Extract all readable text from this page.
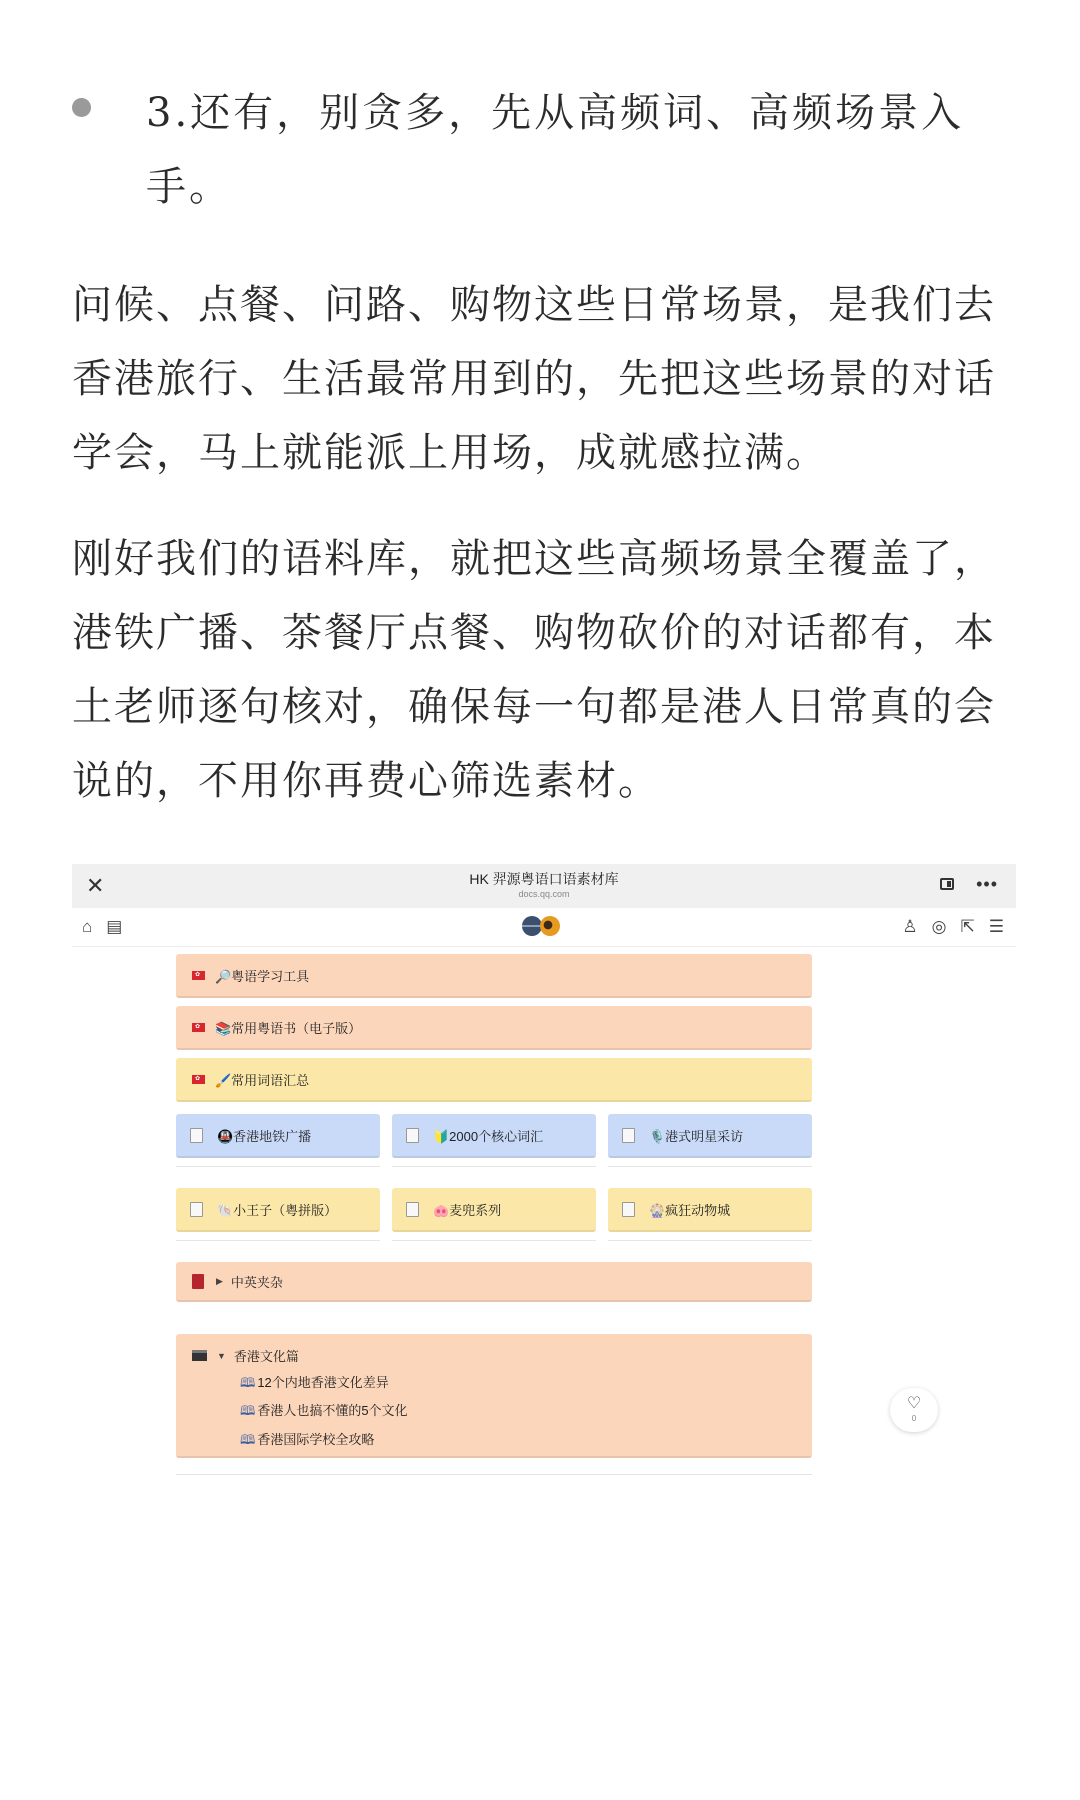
3.还有，别贪多，先从高频词、高频场景入手。
问候、点餐、问路、购物这些日常场景，是我们去香港旅行、生活最常用到的，先把这些场景的对话学会，马上就能派上用场，成就感拉满。
刚好我们的语料库，就把这些高频场景全覆盖了，港铁广播、茶餐厅点餐、购物砍价的对话都有，本土老师逐句核对，确保每一句都是港人日常真的会说的，不用你再费心筛选素材。
✕	HK 羿源粤语口语素材库
docs.qq.com	•••
⌂ ▤	♙ ◎ ⇱ ☰
✿
🔎粤语学习工具
✿
📚常用粤语书（电子版）
✿
🖌️常用词语汇总
🚇香港地铁广播	🔰2000个核心词汇	🎙️港式明星采访
🐚小王子（粤拼版）	🐽麦兜系列	🎡疯狂动物城
▶ 中英夹杂
▼ 香港文化篇
🕮 12个内地香港文化差异
🕮 香港人也搞不懂的5个文化
🕮 香港国际学校全攻略
♡
0
